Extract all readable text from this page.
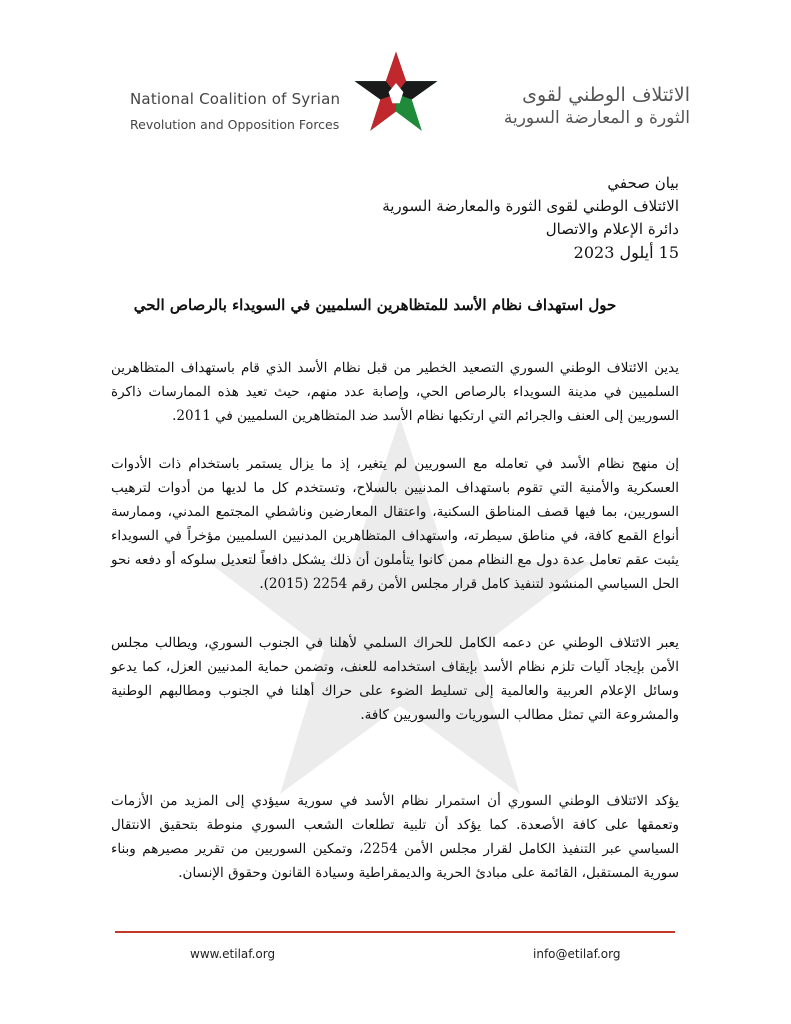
National Coalition of Syrian
Revolution and Opposition Forces
الائتلاف الوطني لقوى
الثورة و المعارضة السورية
بيان صحفي
الائتلاف الوطني لقوى الثورة والمعارضة السورية
دائرة الإعلام والاتصال
15 أيلول 2023
حول استهداف نظام الأسد للمتظاهرين السلميين في السويداء بالرصاص الحي

يدين الائتلاف الوطني السوري التصعيد الخطير من قبل نظام الأسد الذي قام باستهداف المتظاهرين السلميين في مدينة السويداء بالرصاص الحي، وإصابة عدد منهم، حيث تعيد هذه الممارسات ذاكرة السوريين إلى العنف والجرائم التي ارتكبها نظام الأسد ضد المتظاهرين السلميين في 2011.

إن منهج نظام الأسد في تعامله مع السوريين لم يتغير، إذ ما يزال يستمر باستخدام ذات الأدوات العسكرية والأمنية التي تقوم باستهداف المدنيين بالسلاح، وتستخدم كل ما لديها من أدوات لترهيب السوريين، بما فيها قصف المناطق السكنية، واعتقال المعارضين وناشطي المجتمع المدني، وممارسة أنواع القمع كافة، في مناطق سيطرته، واستهداف المتظاهرين المدنيين السلميين مؤخراً في السويداء يثبت عقم تعامل عدة دول مع النظام ممن كانوا يتأملون أن ذلك يشكل دافعاً لتعديل سلوكه أو دفعه نحو الحل السياسي المنشود لتنفيذ كامل قرار مجلس الأمن رقم 2254 (2015).

يعبر الائتلاف الوطني عن دعمه الكامل للحراك السلمي لأهلنا في الجنوب السوري، ويطالب مجلس الأمن بإيجاد آليات تلزم نظام الأسد بإيقاف استخدامه للعنف، وتضمن حماية المدنيين العزل، كما يدعو وسائل الإعلام العربية والعالمية إلى تسليط الضوء على حراك أهلنا في الجنوب ومطالبهم الوطنية والمشروعة التي تمثل مطالب السوريات والسوريين كافة.

يؤكد الائتلاف الوطني السوري أن استمرار نظام الأسد في سورية سيؤدي إلى المزيد من الأزمات وتعمقها على كافة الأصعدة. كما يؤكد أن تلبية تطلعات الشعب السوري منوطة بتحقيق الانتقال السياسي عبر التنفيذ الكامل لقرار مجلس الأمن 2254، وتمكين السوريين من تقرير مصيرهم وبناء سورية المستقبل، القائمة على مبادئ الحرية والديمقراطية وسيادة القانون وحقوق الإنسان.

www.etilaf.org	info@etilaf.org
